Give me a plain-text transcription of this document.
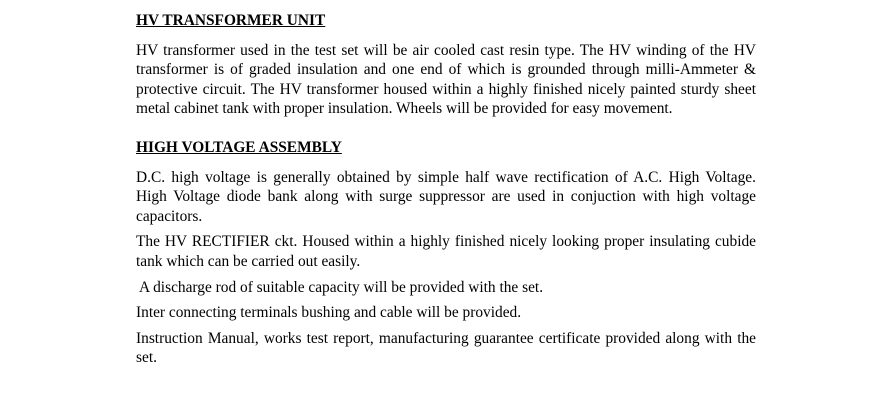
HV TRANSFORMER UNIT

HV transformer used in the test set will be air cooled cast resin type. The HV winding of the HV transformer is of graded insulation and one end of which is grounded through milli-Ammeter & protective circuit. The HV transformer housed within a highly finished nicely painted sturdy sheet metal cabinet tank with proper insulation. Wheels will be provided for easy movement.

HIGH VOLTAGE ASSEMBLY

D.C. high voltage is generally obtained by simple half wave rectification of A.C. High Voltage. High Voltage diode bank along with surge suppressor are used in conjuction with high voltage capacitors.

The HV RECTIFIER ckt. Housed within a highly finished nicely looking proper insulating cubide tank which can be carried out easily.

A discharge rod of suitable capacity will be provided with the set.

Inter connecting terminals bushing and cable will be provided.

Instruction Manual, works test report, manufacturing guarantee certificate provided along with the set.
